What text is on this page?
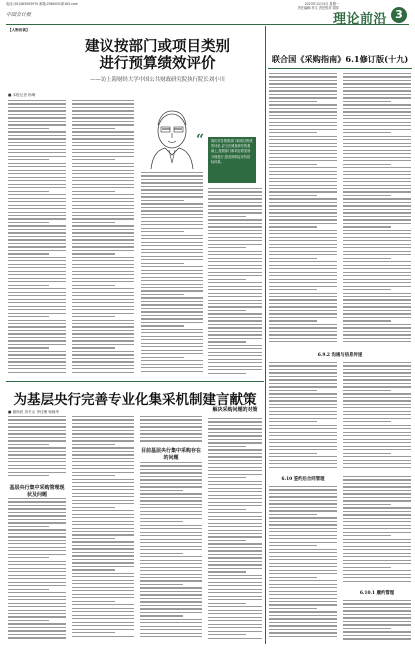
电话:(010)83093970 邮箱:2580031@163.com	2023年12月4日 星期一
责任编辑:李文 责任校对:胡萍
中国会计报	理论前沿 3
【人物访谈】
建议按部门或项目类别
进行预算绩效评价
——访上海财经大学中国公共财政研究院执行院长刘小川
■ 本报记者 杨琳
“	我们对各预算部门和项目的绩效评价,应当在调查研究的基础上,按照部门和项目的类别分别进行,按类别制定评价指标体系。
为基层央行完善专业化集采机制建言献策
■ 谢尚恒 刘冬山 李佳俊 杨晓华
基层央行集中采购管理现状及问题
目前基层央行集中采购存在的问题
解决采购问题的对策
联合国《采购指南》6.1修订版(十九)
6.9.2 沟通与信息传递
6.10 签约后合同管理
6.10.1 履约管理
